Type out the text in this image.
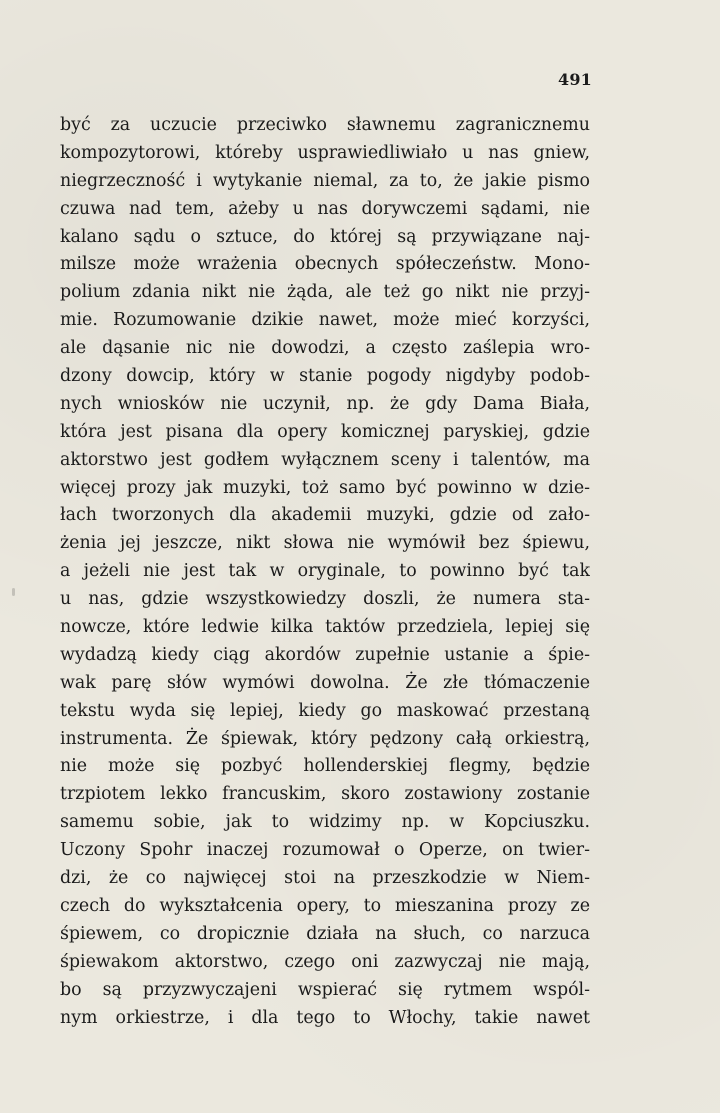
491
być za uczucie przeciwko sławnemu zagranicznemu
kompozytorowi, któreby usprawiedliwiało u nas gniew,
niegrzeczność i wytykanie niemal, za to, że jakie pismo
czuwa nad tem, ażeby u nas dorywczemi sądami, nie
kalano sądu o sztuce, do której są przywiązane naj-
milsze może wrażenia obecnych spółeczeństw. Mono-
polium zdania nikt nie żąda, ale też go nikt nie przyj-
mie. Rozumowanie dzikie nawet, może mieć korzyści,
ale dąsanie nic nie dowodzi, a często zaślepia wro-
dzony dowcip, który w stanie pogody nigdyby podob-
nych wniosków nie uczynił, np. że gdy Dama Biała,
która jest pisana dla opery komicznej paryskiej, gdzie
aktorstwo jest godłem wyłącznem sceny i talentów, ma
więcej prozy jak muzyki, toż samo być powinno w dzie-
łach tworzonych dla akademii muzyki, gdzie od zało-
żenia jej jeszcze, nikt słowa nie wymówił bez śpiewu,
a jeżeli nie jest tak w oryginale, to powinno być tak
u nas, gdzie wszystkowiedzy doszli, że numera sta-
nowcze, które ledwie kilka taktów przedziela, lepiej się
wydadzą kiedy ciąg akordów zupełnie ustanie a śpie-
wak parę słów wymówi dowolna. Że złe tłómaczenie
tekstu wyda się lepiej, kiedy go maskować przestaną
instrumenta. Że śpiewak, który pędzony całą orkiestrą,
nie może się pozbyć hollenderskiej flegmy, będzie
trzpiotem lekko francuskim, skoro zostawiony zostanie
samemu sobie, jak to widzimy np. w Kopciuszku.
Uczony Spohr inaczej rozumował o Operze, on twier-
dzi, że co najwięcej stoi na przeszkodzie w Niem-
czech do wykształcenia opery, to mieszanina prozy ze
śpiewem, co dropicznie działa na słuch, co narzuca
śpiewakom aktorstwo, czego oni zazwyczaj nie mają,
bo są przyzwyczajeni wspierać się rytmem wspól-
nym orkiestrze, i dla tego to Włochy, takie nawet
